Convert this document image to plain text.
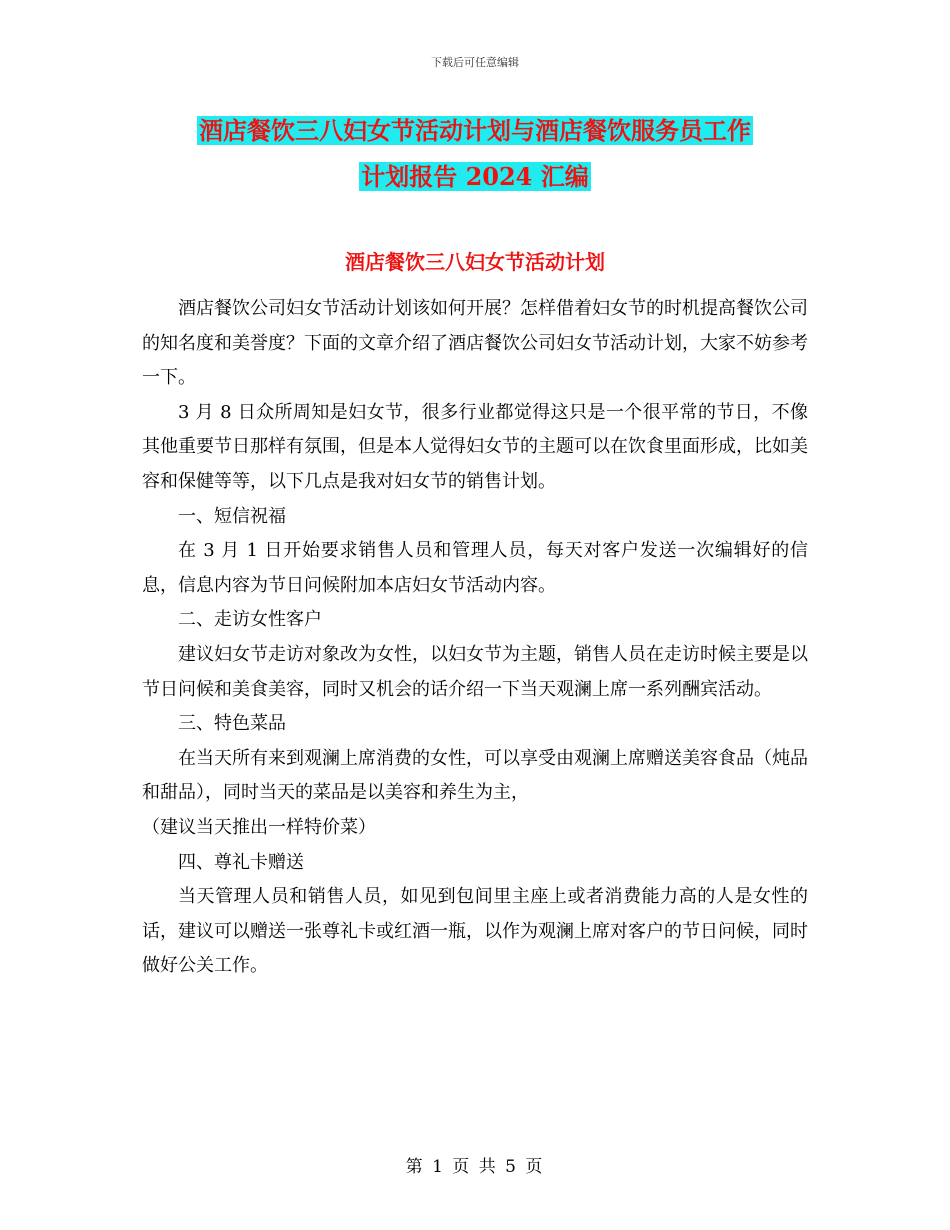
下载后可任意编辑
酒店餐饮三八妇女节活动计划与酒店餐饮服务员工作
计划报告 2024 汇编
酒店餐饮三八妇女节活动计划

酒店餐饮公司妇女节活动计划该如何开展？怎样借着妇女节的时机提高餐饮公司的知名度和美誉度？下面的文章介绍了酒店餐饮公司妇女节活动计划，大家不妨参考一下。

3 月 8 日众所周知是妇女节，很多行业都觉得这只是一个很平常的节日，不像其他重要节日那样有氛围，但是本人觉得妇女节的主题可以在饮食里面形成，比如美容和保健等等，以下几点是我对妇女节的销售计划。

一、短信祝福

在 3 月 1 日开始要求销售人员和管理人员，每天对客户发送一次编辑好的信息，信息内容为节日问候附加本店妇女节活动内容。

二、走访女性客户

建议妇女节走访对象改为女性，以妇女节为主题，销售人员在走访时候主要是以节日问候和美食美容，同时又机会的话介绍一下当天观澜上席一系列酬宾活动。

三、特色菜品

在当天所有来到观澜上席消费的女性，可以享受由观澜上席赠送美容食品（炖品和甜品），同时当天的菜品是以美容和养生为主，

（建议当天推出一样特价菜）

四、尊礼卡赠送

当天管理人员和销售人员，如见到包间里主座上或者消费能力高的人是女性的话，建议可以赠送一张尊礼卡或红酒一瓶，以作为观澜上席对客户的节日问候，同时做好公关工作。

第 1 页 共 5 页
